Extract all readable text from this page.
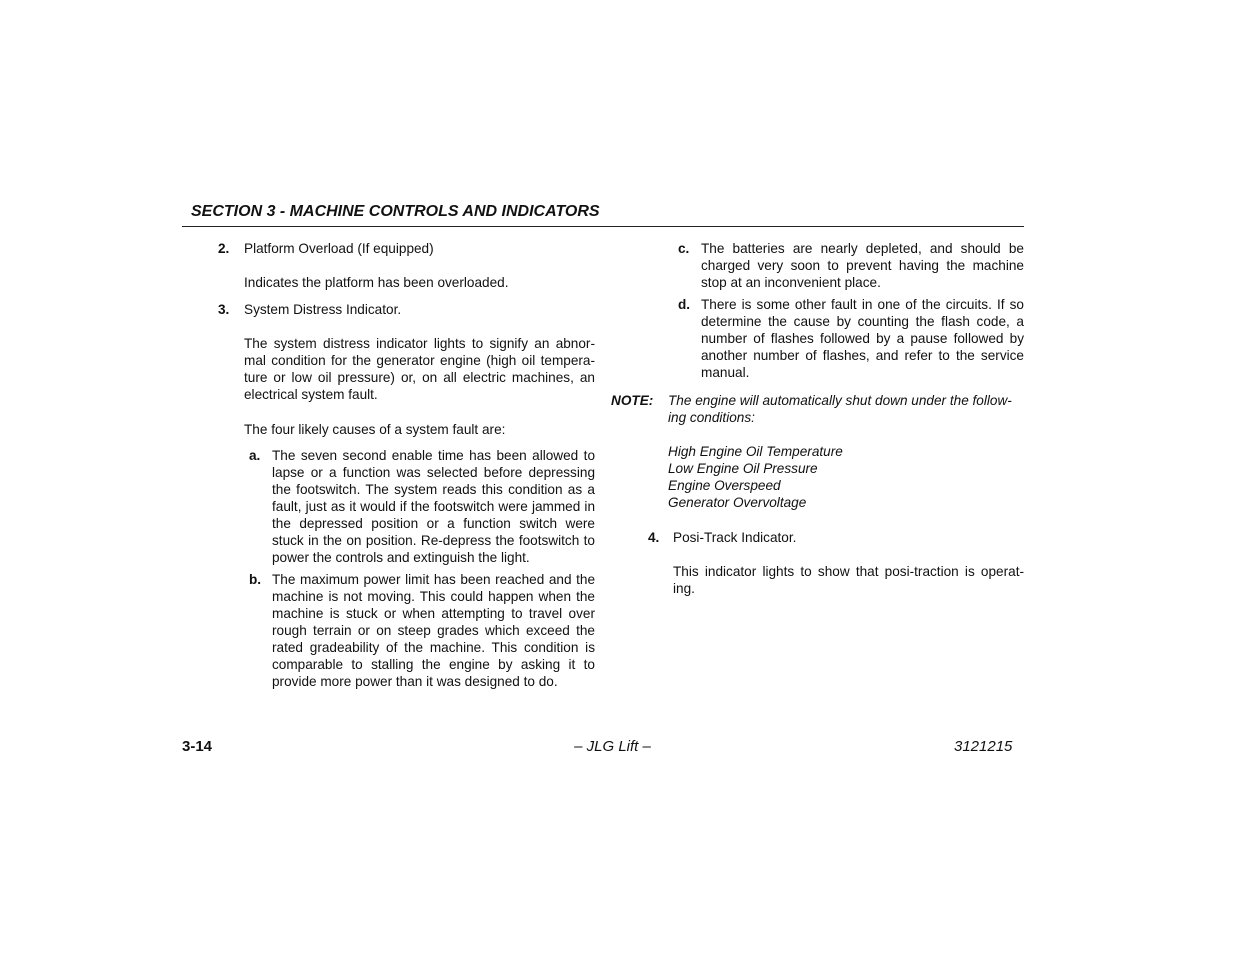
SECTION 3 - MACHINE CONTROLS AND INDICATORS
2. Platform Overload (If equipped)

Indicates the platform has been overloaded.

3. System Distress Indicator.

The system distress indicator lights to signify an abnor-mal condition for the generator engine (high oil tempera-ture or low oil pressure) or, on all electric machines, an electrical system fault.

The four likely causes of a system fault are:

a. The seven second enable time has been allowed to lapse or a function was selected before depressing the footswitch. The system reads this condition as a fault, just as it would if the footswitch were jammed in the depressed position or a function switch were stuck in the on position. Re-depress the footswitch to power the controls and extinguish the light.

b. The maximum power limit has been reached and the machine is not moving. This could happen when the machine is stuck or when attempting to travel over rough terrain or on steep grades which exceed the rated gradeability of the machine. This condition is comparable to stalling the engine by asking it to provide more power than it was designed to do.

c. The batteries are nearly depleted, and should be charged very soon to prevent having the machine stop at an inconvenient place.

d. There is some other fault in one of the circuits. If so determine the cause by counting the flash code, a number of flashes followed by a pause followed by another number of flashes, and refer to the service manual.

NOTE: The engine will automatically shut down under the follow-ing conditions:

High Engine Oil Temperature

Low Engine Oil Pressure

Engine Overspeed

Generator Overvoltage

4. Posi-Track Indicator.

This indicator lights to show that posi-traction is operat-ing.

3-14	– JLG Lift –	3121215
